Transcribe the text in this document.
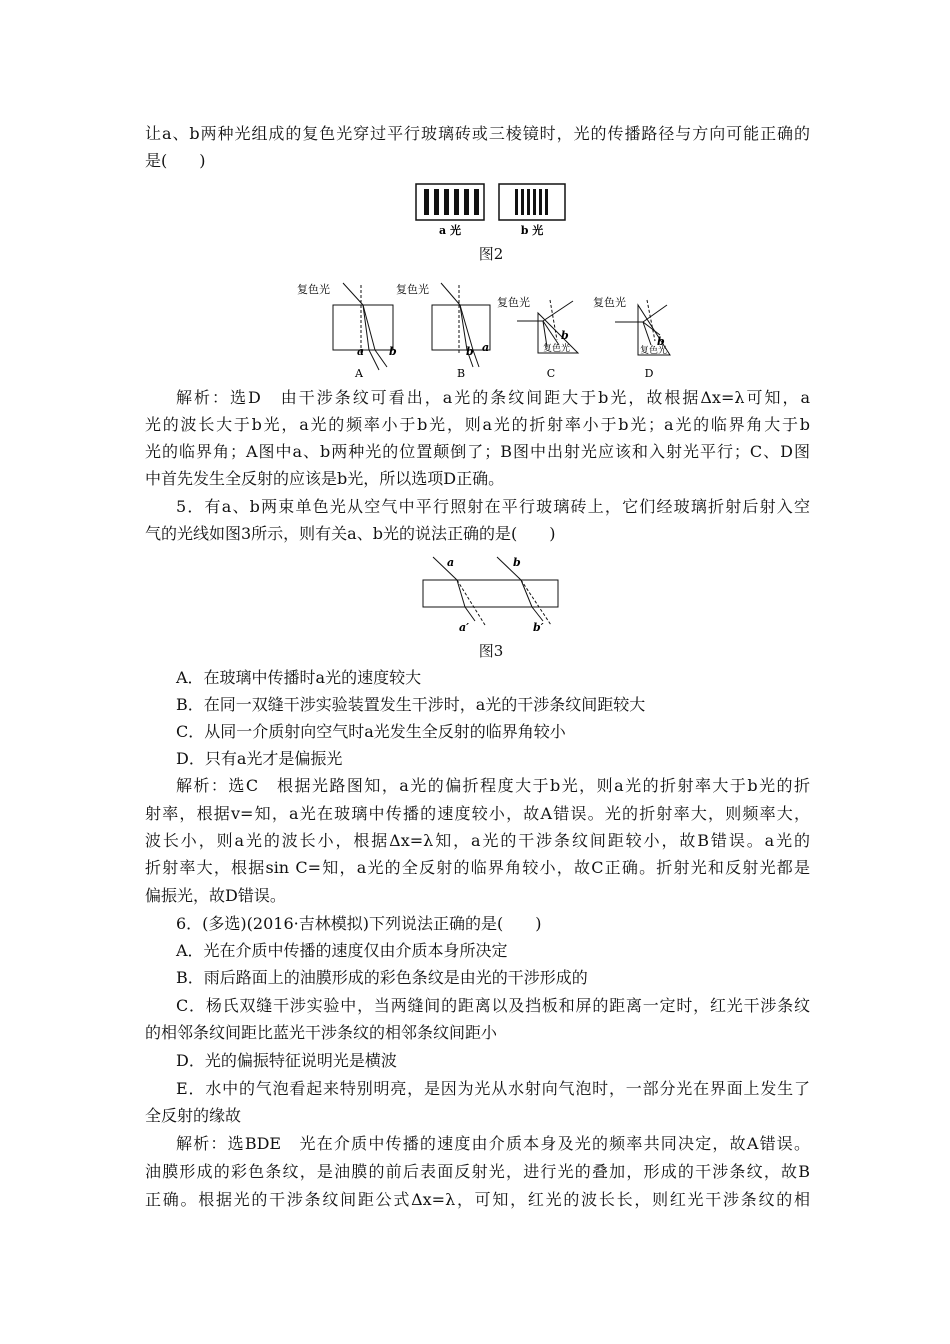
让a、b两种光组成的复色光穿过平行玻璃砖或三棱镜时，光的传播路径与方向可能正确的
是(　　)
a 光	b 光
图2
复色光	复色光
复色光	复色光
复色光	复色光
a b	b a
b	b
A	B	C	D
解析：选D　由干涉条纹可看出，a光的条纹间距大于b光，故根据Δx=λ可知，a
光的波长大于b光，a光的频率小于b光，则a光的折射率小于b光；a光的临界角大于b
光的临界角；A图中a、b两种光的位置颠倒了；B图中出射光应该和入射光平行；C、D图
中首先发生全反射的应该是b光，所以选项D正确。
5．有a、b两束单色光从空气中平行照射在平行玻璃砖上，它们经玻璃折射后射入空
气的光线如图3所示，则有关a、b光的说法正确的是(　　)
a	b
a′	b′
图3
A．在玻璃中传播时a光的速度较大
B．在同一双缝干涉实验装置发生干涉时，a光的干涉条纹间距较大
C．从同一介质射向空气时a光发生全反射的临界角较小
D．只有a光才是偏振光
解析：选C　根据光路图知，a光的偏折程度大于b光，则a光的折射率大于b光的折
射率，根据v=知，a光在玻璃中传播的速度较小，故A错误。光的折射率大，则频率大，
波长小，则a光的波长小，根据Δx=λ知，a光的干涉条纹间距较小，故B错误。a光的
折射率大，根据sin C=知，a光的全反射的临界角较小，故C正确。折射光和反射光都是
偏振光，故D错误。
6．(多选)(2016·吉林模拟)下列说法正确的是(　　)
A．光在介质中传播的速度仅由介质本身所决定
B．雨后路面上的油膜形成的彩色条纹是由光的干涉形成的
C．杨氏双缝干涉实验中，当两缝间的距离以及挡板和屏的距离一定时，红光干涉条纹
的相邻条纹间距比蓝光干涉条纹的相邻条纹间距小
D．光的偏振特征说明光是横波
E．水中的气泡看起来特别明亮，是因为光从水射向气泡时，一部分光在界面上发生了
全反射的缘故
解析：选BDE　光在介质中传播的速度由介质本身及光的频率共同决定，故A错误。
油膜形成的彩色条纹，是油膜的前后表面反射光，进行光的叠加，形成的干涉条纹，故B
正确。根据光的干涉条纹间距公式Δx=λ，可知，红光的波长长，则红光干涉条纹的相
